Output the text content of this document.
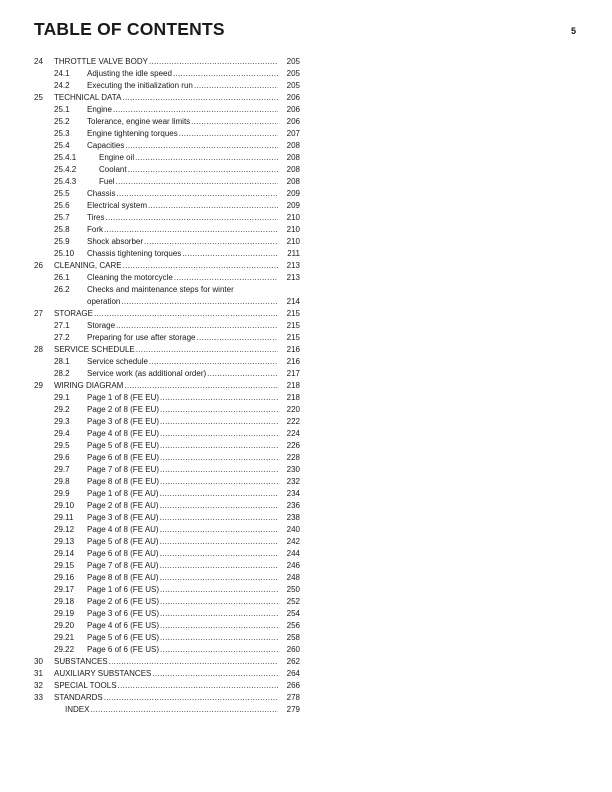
TABLE OF CONTENTS	5
24 THROTTLE VALVE BODY .....	205
24.1 Adjusting the idle speed .....	205
24.2 Executing the initialization run .....	205
25 TECHNICAL DATA .....	206
25.1 Engine .....	206
25.2 Tolerance, engine wear limits .....	206
25.3 Engine tightening torques .....	207
25.4 Capacities .....	208
25.4.1	Engine oil .....	208
25.4.2	Coolant .....	208
25.4.3	Fuel .....	208
25.5 Chassis .....	209
25.6 Electrical system .....	209
25.7 Tires .....	210
25.8 Fork .....	210
25.9 Shock absorber .....	210
25.10 Chassis tightening torques .....	211
26 CLEANING, CARE .....	213
26.1 Cleaning the motorcycle .....	213
26.2 Checks and maintenance steps for winter
operation .....	214
27 STORAGE .....	215
27.1 Storage .....	215
27.2 Preparing for use after storage .....	215
28 SERVICE SCHEDULE .....	216
28.1 Service schedule .....	216
28.2 Service work (as additional order) .....	217
29 WIRING DIAGRAM .....	218
29.1 Page 1 of 8 (FE EU) .....	218
29.2 Page 2 of 8 (FE EU) .....	220
29.3 Page 3 of 8 (FE EU) .....	222
29.4 Page 4 of 8 (FE EU) .....	224
29.5 Page 5 of 8 (FE EU) .....	226
29.6 Page 6 of 8 (FE EU) .....	228
29.7 Page 7 of 8 (FE EU) .....	230
29.8 Page 8 of 8 (FE EU) .....	232
29.9 Page 1 of 8 (FE AU) .....	234
29.10 Page 2 of 8 (FE AU) .....	236
29.11 Page 3 of 8 (FE AU) .....	238
29.12 Page 4 of 8 (FE AU) .....	240
29.13 Page 5 of 8 (FE AU) .....	242
29.14 Page 6 of 8 (FE AU) .....	244
29.15 Page 7 of 8 (FE AU) .....	246
29.16 Page 8 of 8 (FE AU) .....	248
29.17 Page 1 of 6 (FE US) .....	250
29.18 Page 2 of 6 (FE US) .....	252
29.19 Page 3 of 6 (FE US) .....	254
29.20 Page 4 of 6 (FE US) .....	256
29.21 Page 5 of 6 (FE US) .....	258
29.22 Page 6 of 6 (FE US) .....	260
30 SUBSTANCES .....	262
31 AUXILIARY SUBSTANCES .....	264
32 SPECIAL TOOLS .....	266
33 STANDARDS .....	278
INDEX .....	279
